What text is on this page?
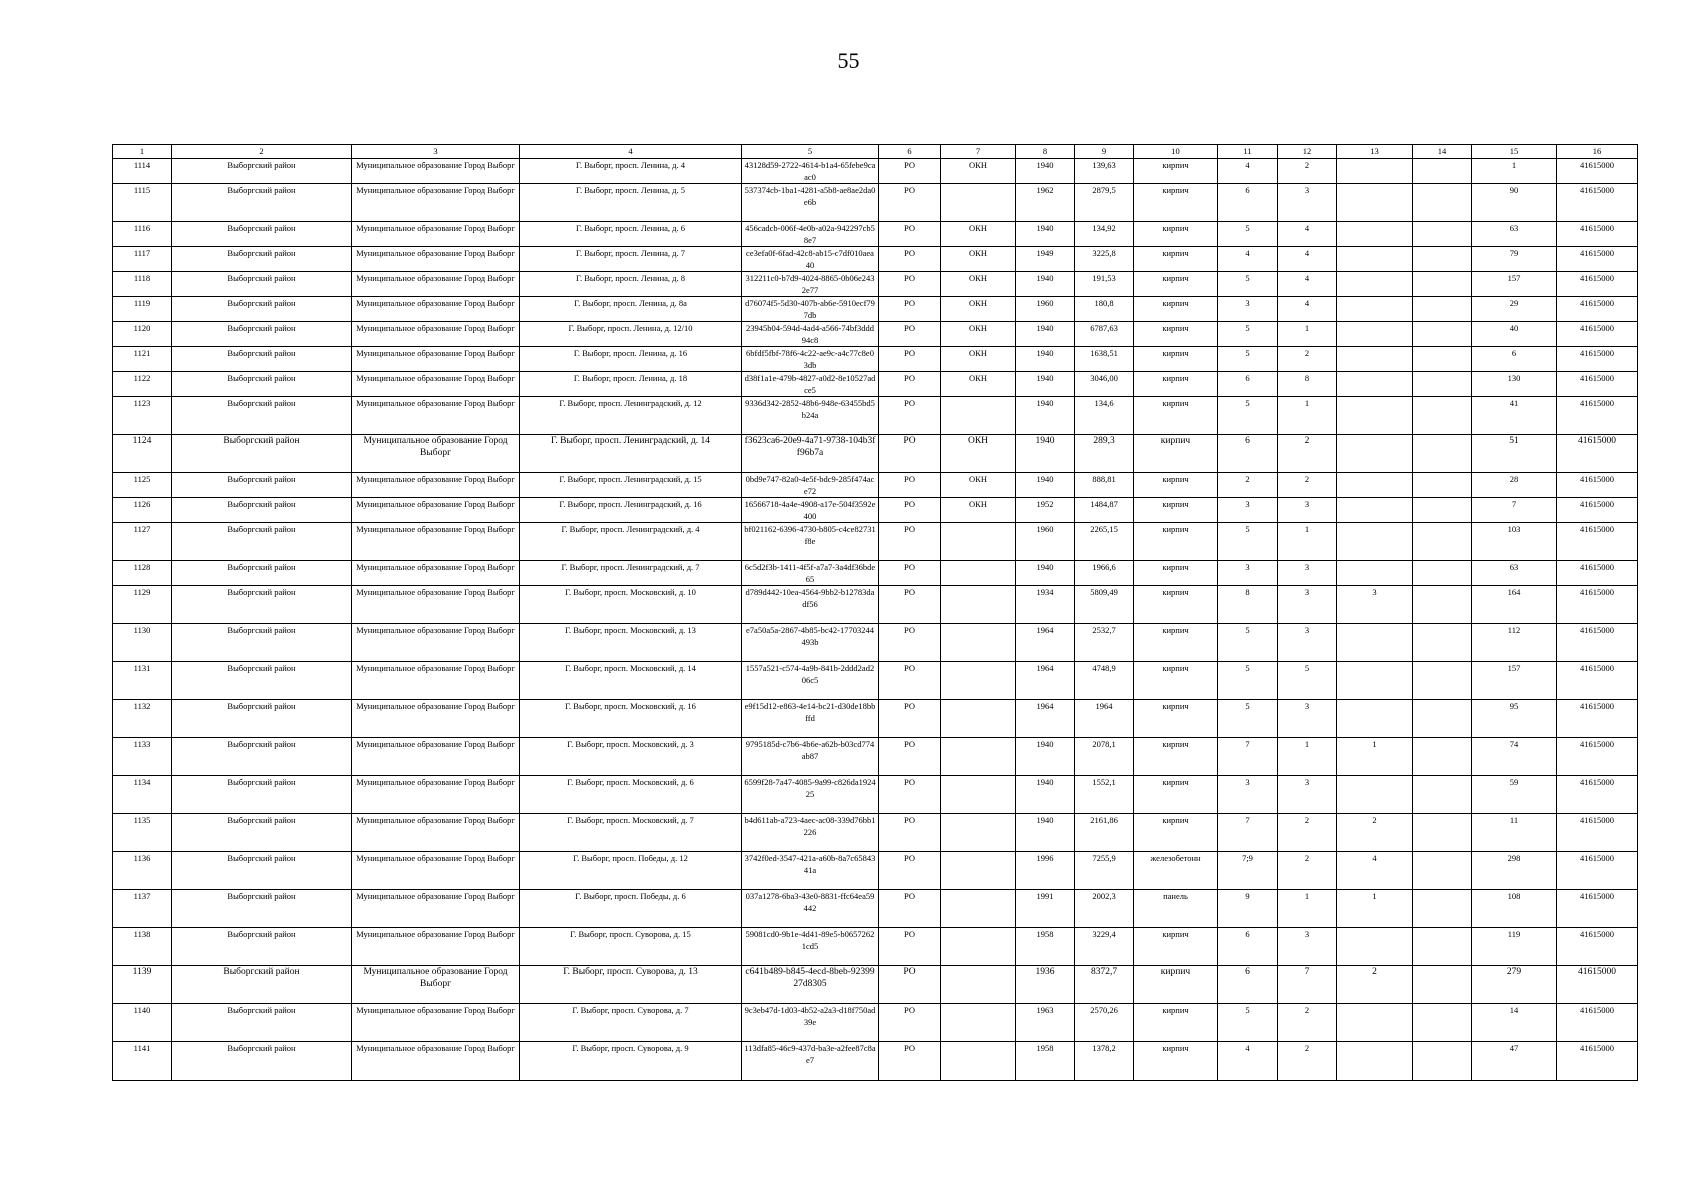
55
1	2	3	4	5	6	7	8	9	10	11	12	13	14	15	16
1114	Выборгский район	Муниципальное образование Город Выборг	Г. Выборг, просп. Ленина, д. 4	43128d59-2722-4614-b1a4-65febe9caac0	РО	ОКН	1940	139,63	кирпич	4	2			1	41615000
1115	Выборгский район	Муниципальное образование Город Выборг	Г. Выборг, просп. Ленина, д. 5	537374cb-1ba1-4281-a5b8-ae8ae2da0e6b	РО		1962	2879,5	кирпич	6	3			90	41615000
1116	Выборгский район	Муниципальное образование Город Выборг	Г. Выборг, просп. Ленина, д. 6	456cadcb-006f-4e0b-a02a-942297cb58e7	РО	ОКН	1940	134,92	кирпич	5	4			63	41615000
1117	Выборгский район	Муниципальное образование Город Выборг	Г. Выборг, просп. Ленина, д. 7	ce3efa0f-6fad-42c8-ab15-c7df010aea40	РО	ОКН	1949	3225,8	кирпич	4	4			79	41615000
1118	Выборгский район	Муниципальное образование Город Выборг	Г. Выборг, просп. Ленина, д. 8	312211c0-b7d9-4024-8865-0b06e2432e77	РО	ОКН	1940	191,53	кирпич	5	4			157	41615000
1119	Выборгский район	Муниципальное образование Город Выборг	Г. Выборг, просп. Ленина, д. 8а	d76074f5-5d30-407b-ab6e-5910ecf797db	РО	ОКН	1960	180,8	кирпич	3	4			29	41615000
1120	Выборгский район	Муниципальное образование Город Выборг	Г. Выборг, просп. Ленина, д. 12/10	23945b04-594d-4ad4-a566-74bf3ddd94c8	РО	ОКН	1940	6787,63	кирпич	5	1			40	41615000
1121	Выборгский район	Муниципальное образование Город Выборг	Г. Выборг, просп. Ленина, д. 16	6bfdf5fbf-78f6-4c22-ae9c-a4c77c8e03db	РО	ОКН	1940	1638,51	кирпич	5	2			6	41615000
1122	Выборгский район	Муниципальное образование Город Выборг	Г. Выборг, просп. Ленина, д. 18	d38f1a1e-479b-4827-a0d2-8e10527adce5	РО	ОКН	1940	3046,00	кирпич	6	8			130	41615000
1123	Выборгский район	Муниципальное образование Город Выборг	Г. Выборг, просп. Ленинградский, д. 12	9336d342-2852-48b6-948e-63455bd5b24a	РО		1940	134,6	кирпич	5	1			41	41615000
1124	Выборгский район	Муниципальное образование Город Выборг	Г. Выборг, просп. Ленинградский, д. 14	f3623ca6-20e9-4a71-9738-104b3ff96b7a	РО	ОКН	1940	289,3	кирпич	6	2			51	41615000
1125	Выборгский район	Муниципальное образование Город Выборг	Г. Выборг, просп. Ленинградский, д. 15	0bd9e747-82a0-4e5f-bdc9-285f474ace72	РО	ОКН	1940	888,81	кирпич	2	2			28	41615000
1126	Выборгский район	Муниципальное образование Город Выборг	Г. Выборг, просп. Ленинградский, д. 16	16566718-4a4e-4908-a17e-504f3592e400	РО	ОКН	1952	1484,87	кирпич	3	3			7	41615000
1127	Выборгский район	Муниципальное образование Город Выборг	Г. Выборг, просп. Ленинградский, д. 4	bf021162-6396-4730-b805-c4ce82731f8e	РО		1960	2265,15	кирпич	5	1			103	41615000
1128	Выборгский район	Муниципальное образование Город Выборг	Г. Выборг, просп. Ленинградский, д. 7	6c5d2f3b-1411-4f5f-a7a7-3a4df36bde65	РО		1940	1966,6	кирпич	3	3			63	41615000
1129	Выборгский район	Муниципальное образование Город Выборг	Г. Выборг, просп. Московский, д. 10	d789d442-10ea-4564-9bb2-b12783dadf56	РО		1934	5809,49	кирпич	8	3	3		164	41615000
1130	Выборгский район	Муниципальное образование Город Выборг	Г. Выборг, просп. Московский, д. 13	e7a50a5a-2867-4b85-bc42-17703244493b	РО		1964	2532,7	кирпич	5	3			112	41615000
1131	Выборгский район	Муниципальное образование Город Выборг	Г. Выборг, просп. Московский, д. 14	1557a521-c574-4a9b-841b-2ddd2ad206c5	РО		1964	4748,9	кирпич	5	5			157	41615000
1132	Выборгский район	Муниципальное образование Город Выборг	Г. Выборг, просп. Московский, д. 16	e9f15d12-e863-4e14-bc21-d30de18bbffd	РО		1964	1964	кирпич	5	3			95	41615000
1133	Выборгский район	Муниципальное образование Город Выборг	Г. Выборг, просп. Московский, д. 3	9795185d-c7b6-4b6e-a62b-b03cd774ab87	РО		1940	2078,1	кирпич	7	1	1		74	41615000
1134	Выборгский район	Муниципальное образование Город Выборг	Г. Выборг, просп. Московский, д. 6	6599f28-7a47-4085-9a99-c826da192425	РО		1940	1552,1	кирпич	3	3			59	41615000
1135	Выборгский район	Муниципальное образование Город Выборг	Г. Выборг, просп. Московский, д. 7	b4d611ab-a723-4aec-ac08-339d76bb1226	РО		1940	2161,86	кирпич	7	2	2		11	41615000
1136	Выборгский район	Муниципальное образование Город Выборг	Г. Выборг, просп. Победы, д. 12	3742f0ed-3547-421a-a60b-8a7c6584341a	РО		1996	7255,9	железобетонн	7;9	2	4		298	41615000
1137	Выборгский район	Муниципальное образование Город Выборг	Г. Выборг, просп. Победы, д. 6	037a1278-6ba3-43e0-8831-ffc64ea59442	РО		1991	2002,3	панель	9	1	1		108	41615000
1138	Выборгский район	Муниципальное образование Город Выборг	Г. Выборг, просп. Суворова, д. 15	59081cd0-9b1e-4d41-89e5-b06572621cd5	РО		1958	3229,4	кирпич	6	3			119	41615000
1139	Выборгский район	Муниципальное образование Город Выборг	Г. Выборг, просп. Суворова, д. 13	c641b489-b845-4ecd-8beb-9239927d8305	РО		1936	8372,7	кирпич	6	7	2		279	41615000
1140	Выборгский район	Муниципальное образование Город Выборг	Г. Выборг, просп. Суворова, д. 7	9c3eb47d-1d03-4b52-a2a3-d18f750ad39e	РО		1963	2570,26	кирпич	5	2			14	41615000
1141	Выборгский район	Муниципальное образование Город Выборг	Г. Выборг, просп. Суворова, д. 9	113dfa85-46c9-437d-ba3e-a2fee87c8ae7	РО		1958	1378,2	кирпич	4	2			47	41615000
